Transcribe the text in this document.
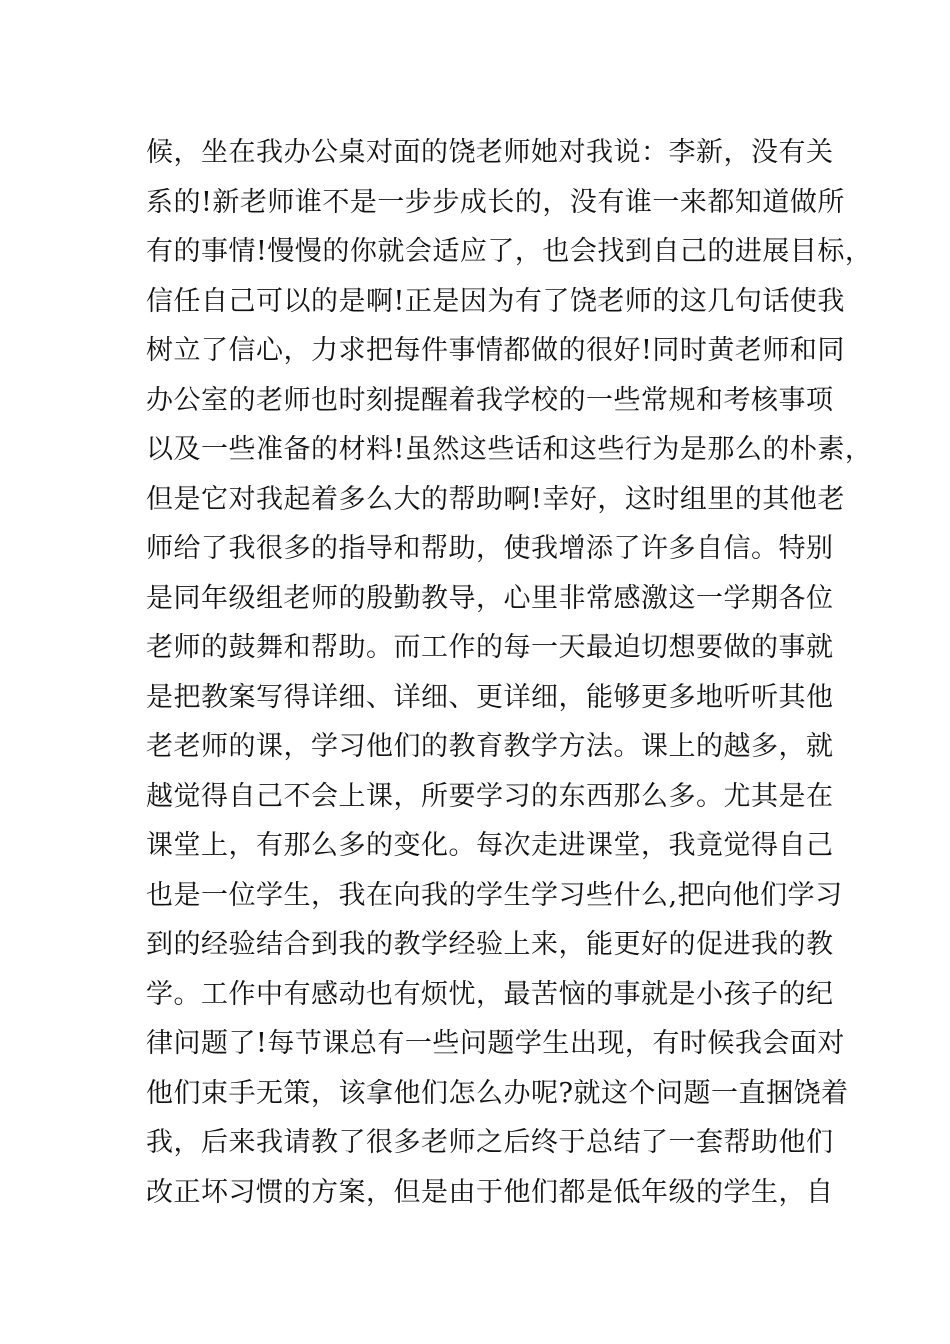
候，坐在我办公桌对面的饶老师她对我说：李新，没有关
系的!新老师谁不是一步步成长的，没有谁一来都知道做所
有的事情!慢慢的你就会适应了，也会找到自己的进展目标，
信任自己可以的是啊!正是因为有了饶老师的这几句话使我
树立了信心，力求把每件事情都做的很好!同时黄老师和同
办公室的老师也时刻提醒着我学校的一些常规和考核事项
以及一些准备的材料!虽然这些话和这些行为是那么的朴素，
但是它对我起着多么大的帮助啊!幸好，这时组里的其他老
师给了我很多的指导和帮助，使我增添了许多自信。特别
是同年级组老师的殷勤教导，心里非常感激这一学期各位
老师的鼓舞和帮助。而工作的每一天最迫切想要做的事就
是把教案写得详细、详细、更详细，能够更多地听听其他
老老师的课，学习他们的教育教学方法。课上的越多，就
越觉得自己不会上课，所要学习的东西那么多。尤其是在
课堂上，有那么多的变化。每次走进课堂，我竟觉得自己
也是一位学生，我在向我的学生学习些什么,把向他们学习
到的经验结合到我的教学经验上来，能更好的促进我的教
学。工作中有感动也有烦忧，最苦恼的事就是小孩子的纪
律问题了!每节课总有一些问题学生出现，有时候我会面对
他们束手无策，该拿他们怎么办呢?就这个问题一直捆饶着
我，后来我请教了很多老师之后终于总结了一套帮助他们
改正坏习惯的方案，但是由于他们都是低年级的学生，自
